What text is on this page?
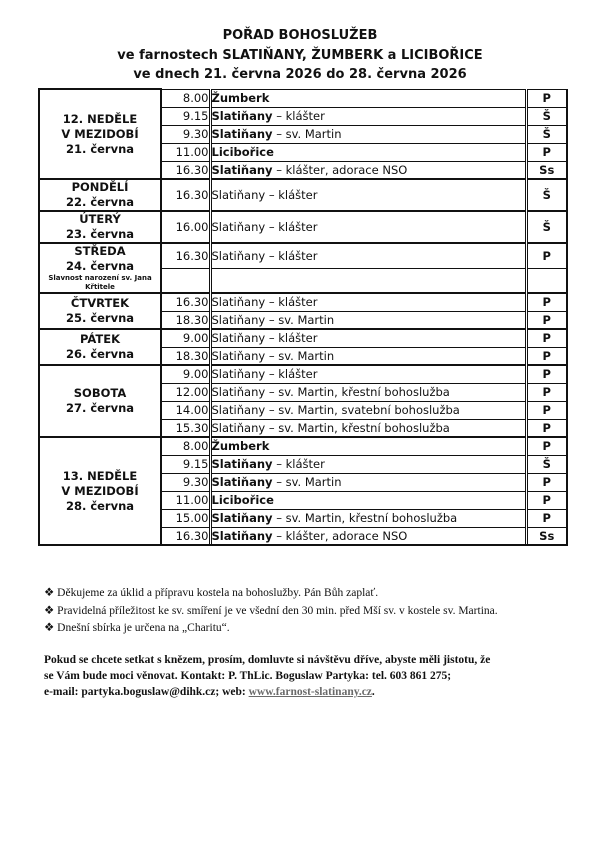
POŘAD BOHOSLUŽEB
ve farnostech SLATIŇANY, ŽUMBERK a LICIBOŘICE
ve dnech 21. června 2026 do 28. června 2026
12. NEDĚLE
V MEZIDOBÍ
21. června	8.00		Žumberk		P
	9.15		Slatiňany – klášter		Š
	9.30		Slatiňany – sv. Martin		Š
	11.00		Licibořice		P
	16.30		Slatiňany – klášter, adorace NSO		Ss

PONDĚLÍ
22. června	16.30		Slatiňany – klášter		Š

ÚTERÝ
23. června	16.00		Slatiňany – klášter		Š

STŘEDA
24. června
Slavnost narození sv. Jana Křtitele	16.30		Slatiňany – klášter		P

ČTVRTEK
25. června	16.30		Slatiňany – klášter		P
	18.30		Slatiňany – sv. Martin		P

PÁTEK
26. června	9.00		Slatiňany – klášter		P
	18.30		Slatiňany – sv. Martin		P

SOBOTA
27. června	9.00		Slatiňany – klášter		P
	12.00		Slatiňany – sv. Martin, křestní bohoslužba		P
	14.00		Slatiňany – sv. Martin, svatební bohoslužba		P
	15.30		Slatiňany – sv. Martin, křestní bohoslužba		P

13. NEDĚLE
V MEZIDOBÍ
28. června	8.00		Žumberk		P
	9.15		Slatiňany – klášter		Š
	9.30		Slatiňany – sv. Martin		P
	11.00		Licibořice		P
	15.00		Slatiňany – sv. Martin, křestní bohoslužba		P
	16.30		Slatiňany – klášter, adorace NSO		Ss
❖ Děkujeme za úklid a přípravu kostela na bohoslužby. Pán Bůh zaplať.
❖ Pravidelná příležitost ke sv. smíření je ve všední den 30 min. před Mší sv. v kostele sv. Martina.
❖ Dnešní sbírka je určena na „Charitu“.
Pokud se chcete setkat s knězem, prosím, domluvte si návštěvu dříve, abyste měli jistotu, že
se Vám bude moci věnovat. Kontakt: P. ThLic. Boguslaw Partyka: tel. 603 861 275;
e-mail: partyka.boguslaw@dihk.cz; web: www.farnost-slatinany.cz.
